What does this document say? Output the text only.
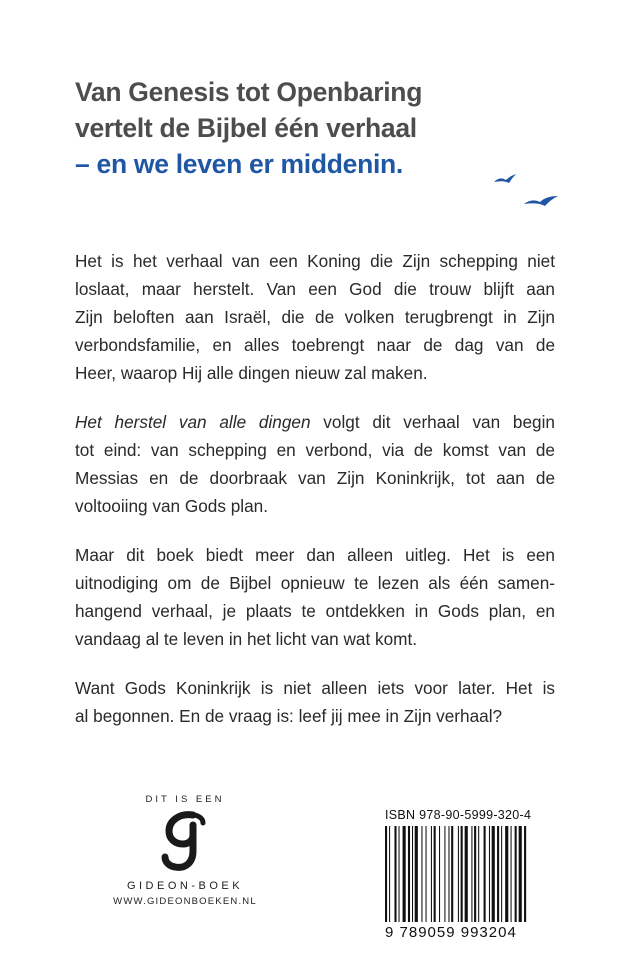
Van Genesis tot Openbaring
vertelt de Bijbel één verhaal
– en we leven er middenin.

Het is het verhaal van een Koning die Zijn schepping niet
loslaat, maar herstelt. Van een God die trouw blijft aan
Zijn beloften aan Israël, die de volken terugbrengt in Zijn
verbondsfamilie, en alles toebrengt naar de dag van de
Heer, waarop Hij alle dingen nieuw zal maken.

Het herstel van alle dingen volgt dit verhaal van begin
tot eind: van schepping en verbond, via de komst van de
Messias en de doorbraak van Zijn Koninkrijk, tot aan de
voltooiing van Gods plan.

Maar dit boek biedt meer dan alleen uitleg. Het is een
uitnodiging om de Bijbel opnieuw te lezen als één samen-
hangend verhaal, je plaats te ontdekken in Gods plan, en
vandaag al te leven in het licht van wat komt.

Want Gods Koninkrijk is niet alleen iets voor later. Het is
al begonnen. En de vraag is: leef jij mee in Zijn verhaal?

DIT IS EEN
GIDEON-BOEK
WWW.GIDEONBOEKEN.NL
ISBN 978-90-5999-320-4
9 789059 993204
